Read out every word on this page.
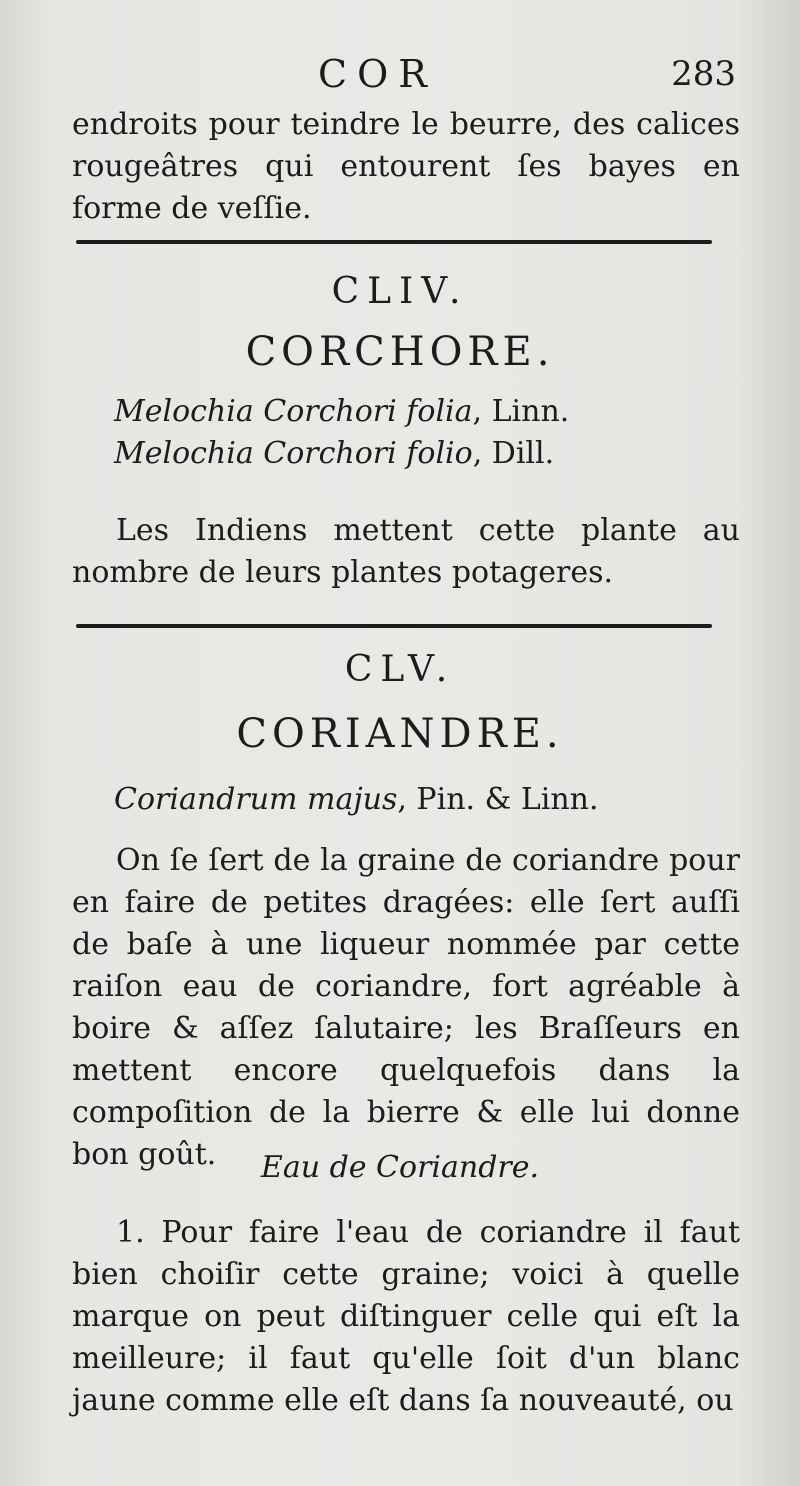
COR	283
endroits pour teindre le beurre, des calices rougeâtres qui entourent ſes bayes en forme de veſſie.
CLIV.
CORCHORE.
Melochia Corchori folia, Linn.
Melochia Corchori folio, Dill.
Les Indiens mettent cette plante au nombre de leurs plantes potageres.
CLV.
CORIANDRE.
Coriandrum majus, Pin. & Linn.
On ſe ſert de la graine de coriandre pour en faire de petites dragées: elle ſert auſſi de baſe à une liqueur nommée par cette raiſon eau de coriandre, fort agréable à boire & aſſez ſalutaire; les Braſſeurs en mettent encore quelquefois dans la compoſition de la bierre & elle lui donne bon goût.	Eau de Coriandre.
1. Pour faire l'eau de coriandre il faut bien choiſir cette graine; voici à quelle marque on peut diſtinguer celle qui eſt la meilleure; il faut qu'elle ſoit d'un blanc jaune comme elle eſt dans ſa nouveauté, ou
